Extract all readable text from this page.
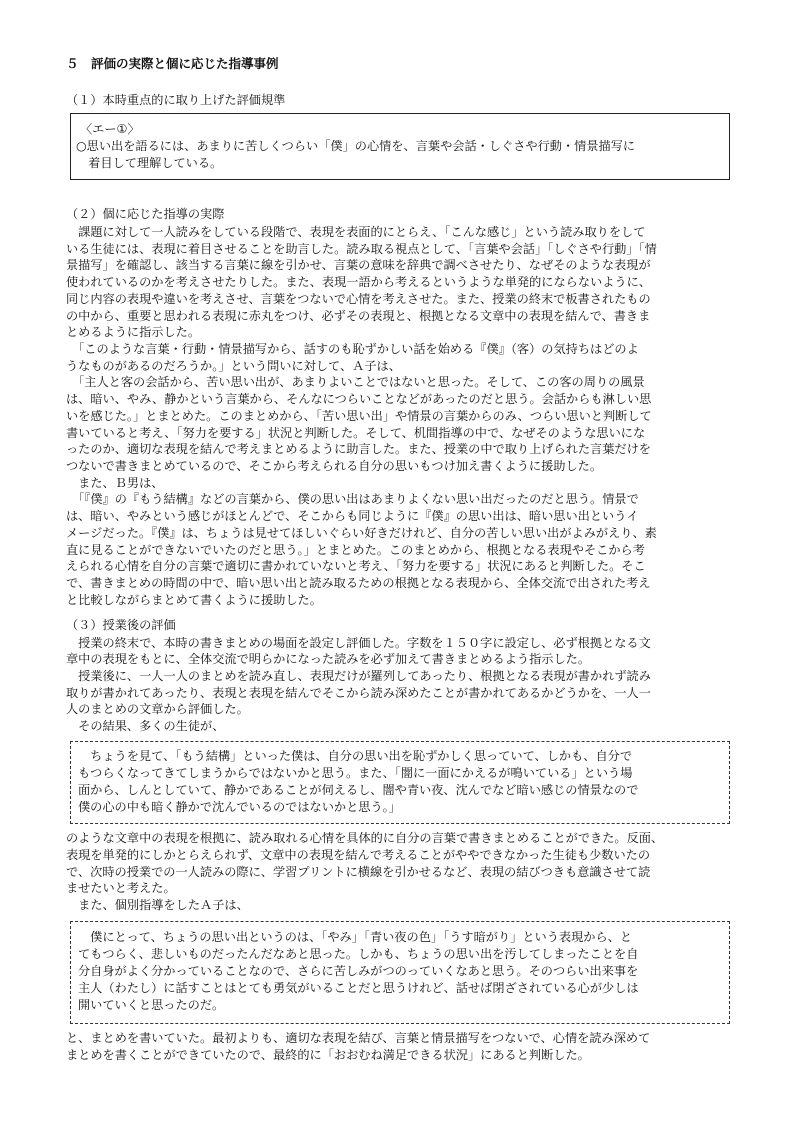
５　評価の実際と個に応じた指導事例
（１）本時重点的に取り上げた評価規準
〈エー①〉
○思い出を語るには、あまりに苦しくつらい「僕」の心情を、言葉や会話・しぐさや行動・情景描写に
　着目して理解している。
（２）個に応じた指導の実際
　課題に対して一人読みをしている段階で、表現を表面的にとらえ、「こんな感じ」という読み取りをして
いる生徒には、表現に着目させることを助言した。読み取る視点として、「言葉や会話」「しぐさや行動」「情
景描写」を確認し、該当する言葉に線を引かせ、言葉の意味を辞典で調べさせたり、なぜそのような表現が
使われているのかを考えさせたりした。また、表現一語から考えるというような単発的にならないように、
同じ内容の表現や違いを考えさせ、言葉をつないで心情を考えさせた。また、授業の終末で板書されたもの
の中から、重要と思われる表現に赤丸をつけ、必ずその表現と、根拠となる文章中の表現を結んで、書きま
とめるように指示した。
　「このような言葉・行動・情景描写から、話すのも恥ずかしい話を始める『僕』（客）の気持ちはどのよ
うなものがあるのだろうか。」という問いに対して、Ａ子は、
　「主人と客の会話から、苦い思い出が、あまりよいことではないと思った。そして、この客の周りの風景
は、暗い、やみ、静かという言葉から、そんなにつらいことなどがあったのだと思う。会話からも淋しい思
いを感じた。」とまとめた。このまとめから、「苦い思い出」や情景の言葉からのみ、つらい思いと判断して
書いていると考え、「努力を要する」状況と判断した。そして、机間指導の中で、なぜそのような思いにな
ったのか、適切な表現を結んで考えまとめるように助言した。また、授業の中で取り上げられた言葉だけを
つないで書きまとめているので、そこから考えられる自分の思いもつけ加え書くように援助した。
　また、Ｂ男は、
　「『僕』の『もう結構』などの言葉から、僕の思い出はあまりよくない思い出だったのだと思う。情景で
は、暗い、やみという感じがほとんどで、そこからも同じように『僕』の思い出は、暗い思い出というイ
メージだった。『僕』は、ちょうは見せてほしいぐらい好きだけれど、自分の苦しい思い出がよみがえり、素
直に見ることができないでいたのだと思う。」とまとめた。このまとめから、根拠となる表現やそこから考
えられる心情を自分の言葉で適切に書かれていないと考え、「努力を要する」状況にあると判断した。そこ
で、書きまとめの時間の中で、暗い思い出と読み取るための根拠となる表現から、全体交流で出された考え
と比較しながらまとめて書くように援助した。
（３）授業後の評価
　授業の終末で、本時の書きまとめの場面を設定し評価した。字数を１５０字に設定し、必ず根拠となる文
章中の表現をもとに、全体交流で明らかになった読みを必ず加えて書きまとめるよう指示した。
　授業後に、一人一人のまとめを読み直し、表現だけが羅列してあったり、根拠となる表現が書かれず読み
取りが書かれてあったり、表現と表現を結んでそこから読み深めたことが書かれてあるかどうかを、一人一
人のまとめの文章から評価した。
　その結果、多くの生徒が、
　ちょうを見て、「もう結構」といった僕は、自分の思い出を恥ずかしく思っていて、しかも、自分で
もつらくなってきてしまうからではないかと思う。また、「闇に一面にかえるが鳴いている」という場
面から、しんとしていて、静かであることが伺えるし、闇や青い夜、沈んでなど暗い感じの情景なので
僕の心の中も暗く静かで沈んでいるのではないかと思う。」
のような文章中の表現を根拠に、読み取れる心情を具体的に自分の言葉で書きまとめることができた。反面、
表現を単発的にしかとらえられず、文章中の表現を結んで考えることがややできなかった生徒も少数いたの
で、次時の授業での一人読みの際に、学習プリントに横線を引かせるなど、表現の結びつきも意識させて読
ませたいと考えた。
　また、個別指導をしたＡ子は、
　僕にとって、ちょうの思い出というのは、「やみ」「青い夜の色」「うす暗がり」という表現から、と
てもつらく、悲しいものだったんだなあと思った。しかも、ちょうの思い出を汚してしまったことを自
分自身がよく分かっていることなので、さらに苦しみがつのっていくなあと思う。そのつらい出来事を
主人（わたし）に話すことはとても勇気がいることだと思うけれど、話せば閉ざされている心が少しは
開いていくと思ったのだ。
と、まとめを書いていた。最初よりも、適切な表現を結び、言葉と情景描写をつないで、心情を読み深めて
まとめを書くことができていたので、最終的に「おおむね満足できる状況」にあると判断した。
